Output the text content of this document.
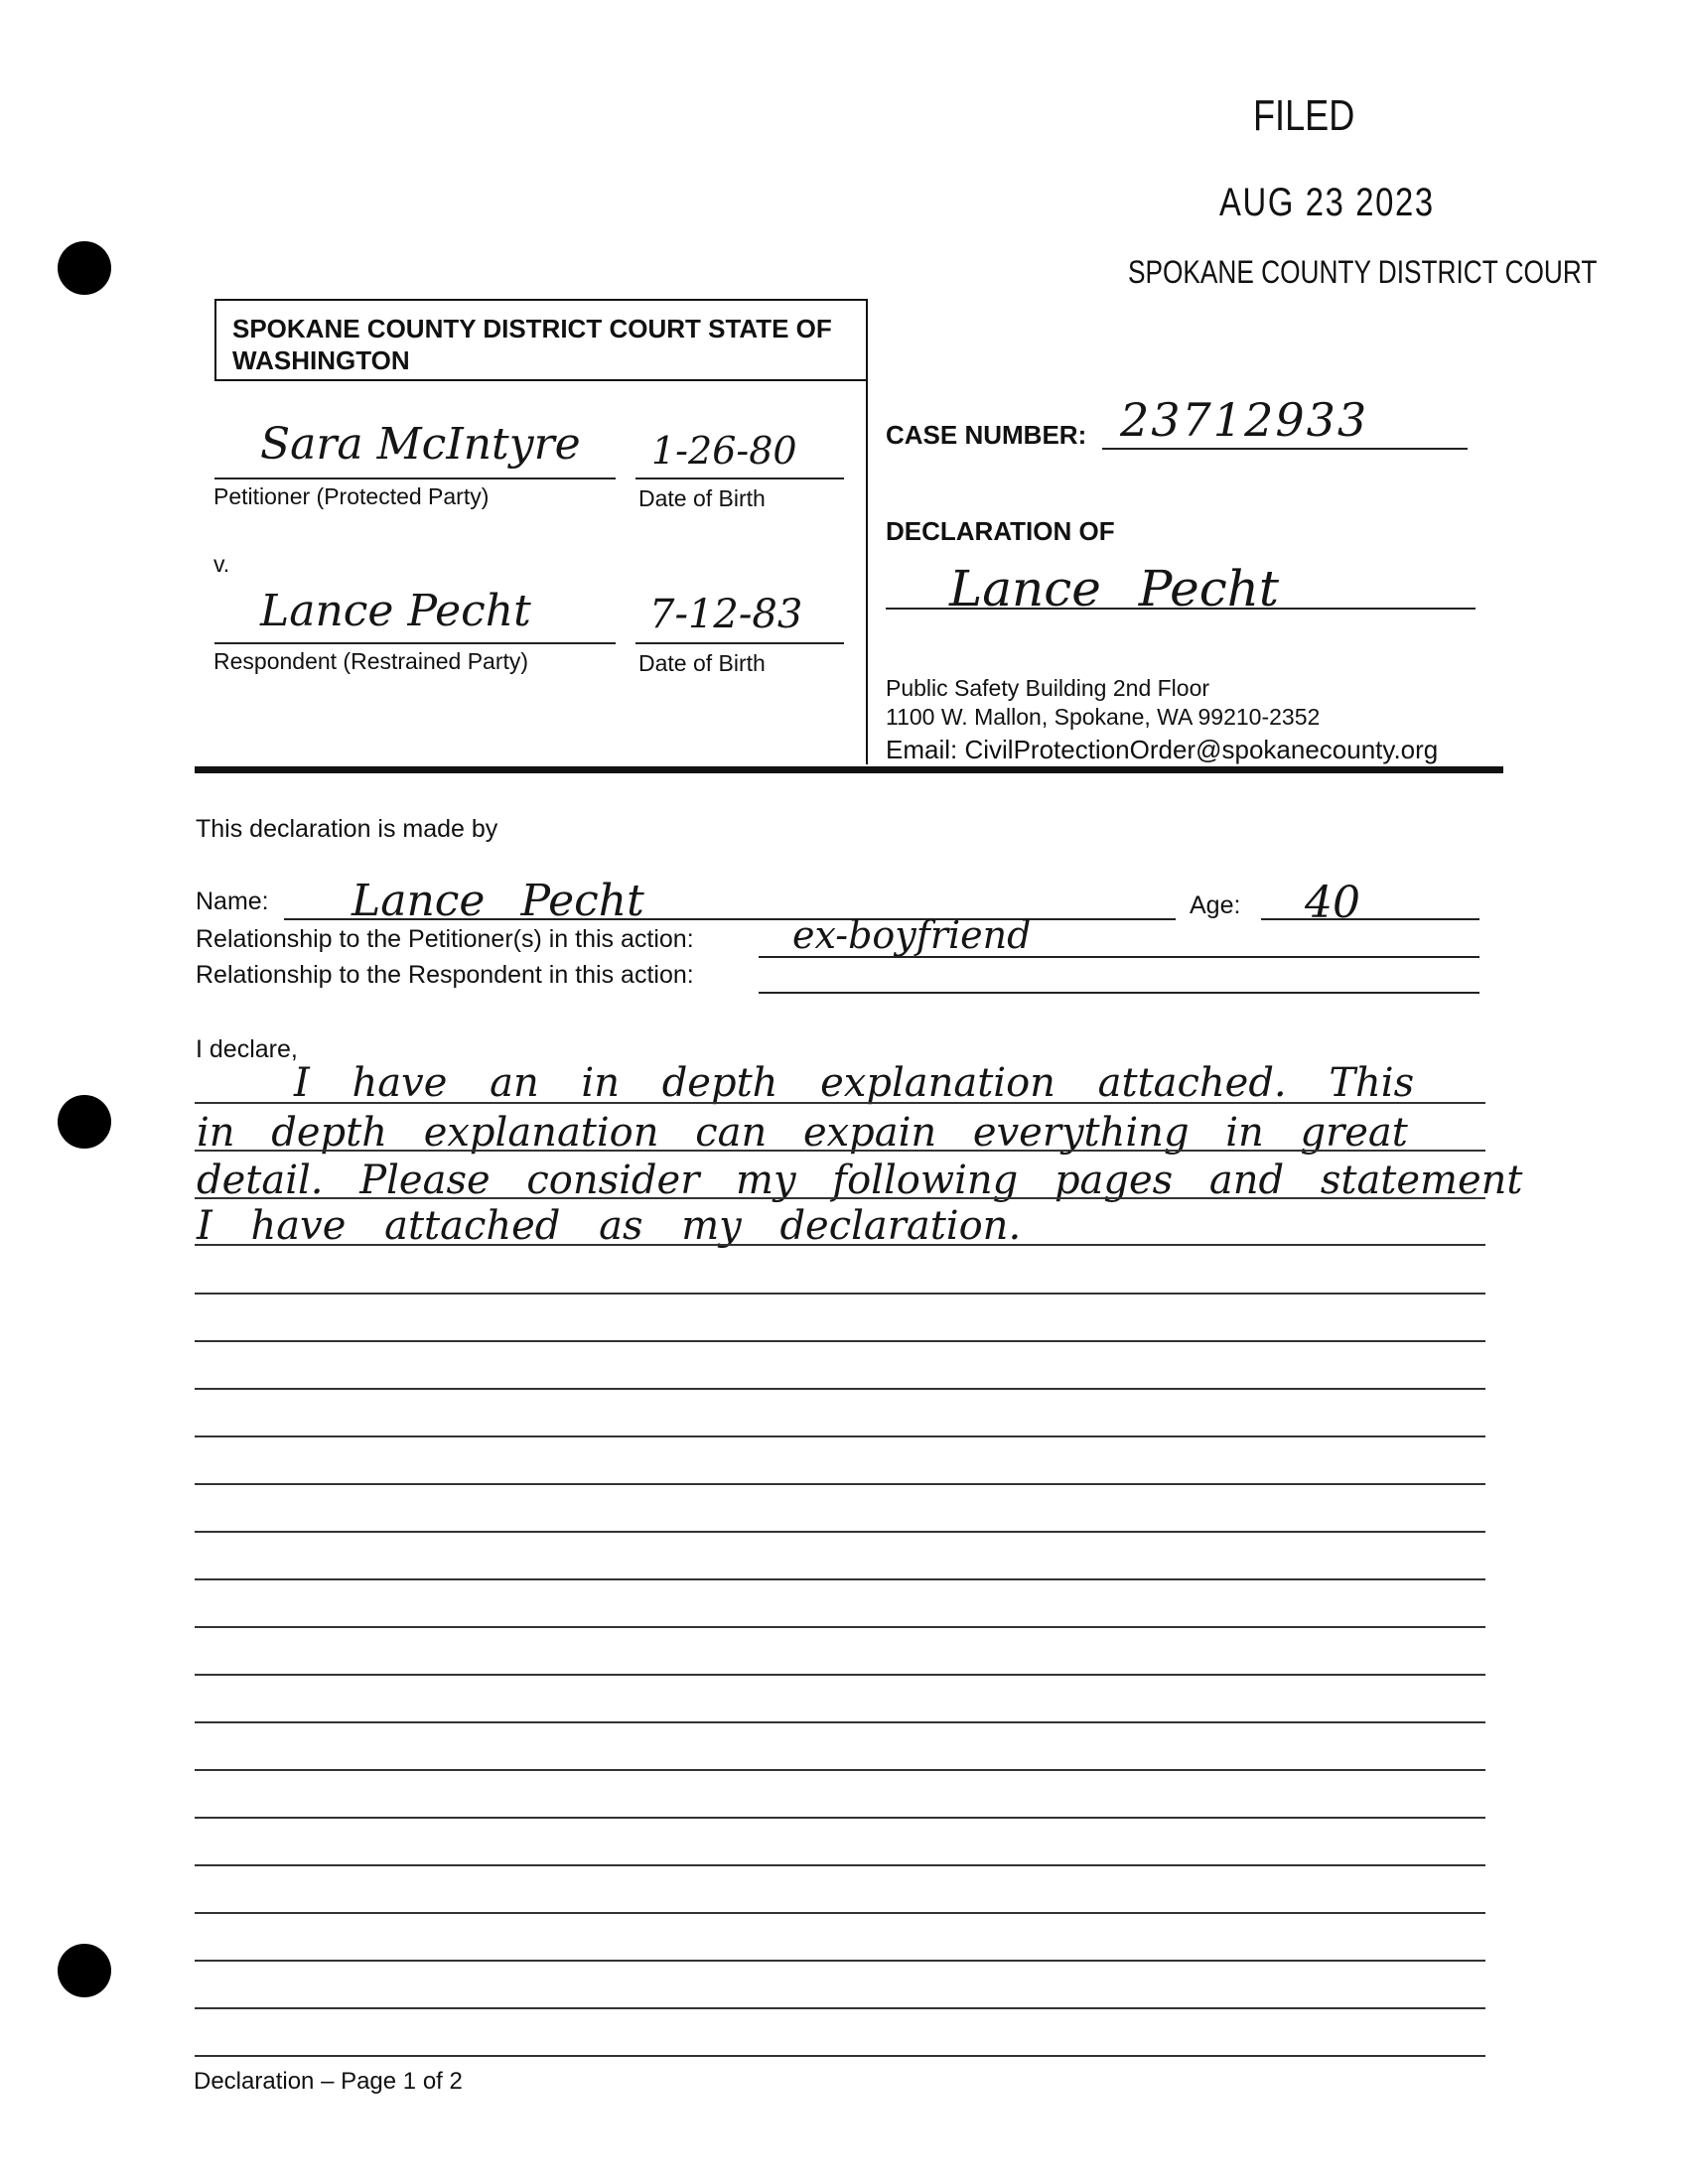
FILED
AUG 23 2023
SPOKANE COUNTY DISTRICT COURT
SPOKANE COUNTY DISTRICT COURT STATE OF WASHINGTON
Sara McIntyre 1-26-80
Petitioner (Protected Party)	Date of Birth
v.
Lance Pecht	7-12-83
Respondent (Restrained Party)	Date of Birth
CASE NUMBER: 23712933
DECLARATION OF
Lance Pecht
Public Safety Building 2nd Floor
1100 W. Mallon, Spokane, WA 99210-2352
Email: CivilProtectionOrder@spokanecounty.org
This declaration is made by
Name: Lance Pecht	Age: 40
Relationship to the Petitioner(s) in this action:	ex-boyfriend
Relationship to the Respondent in this action:
I declare,
I have an in depth explanation attached. This
in depth explanation can expain everything in great
detail. Please consider my following pages and statement
I have attached as my declaration.
Declaration – Page 1 of 2
